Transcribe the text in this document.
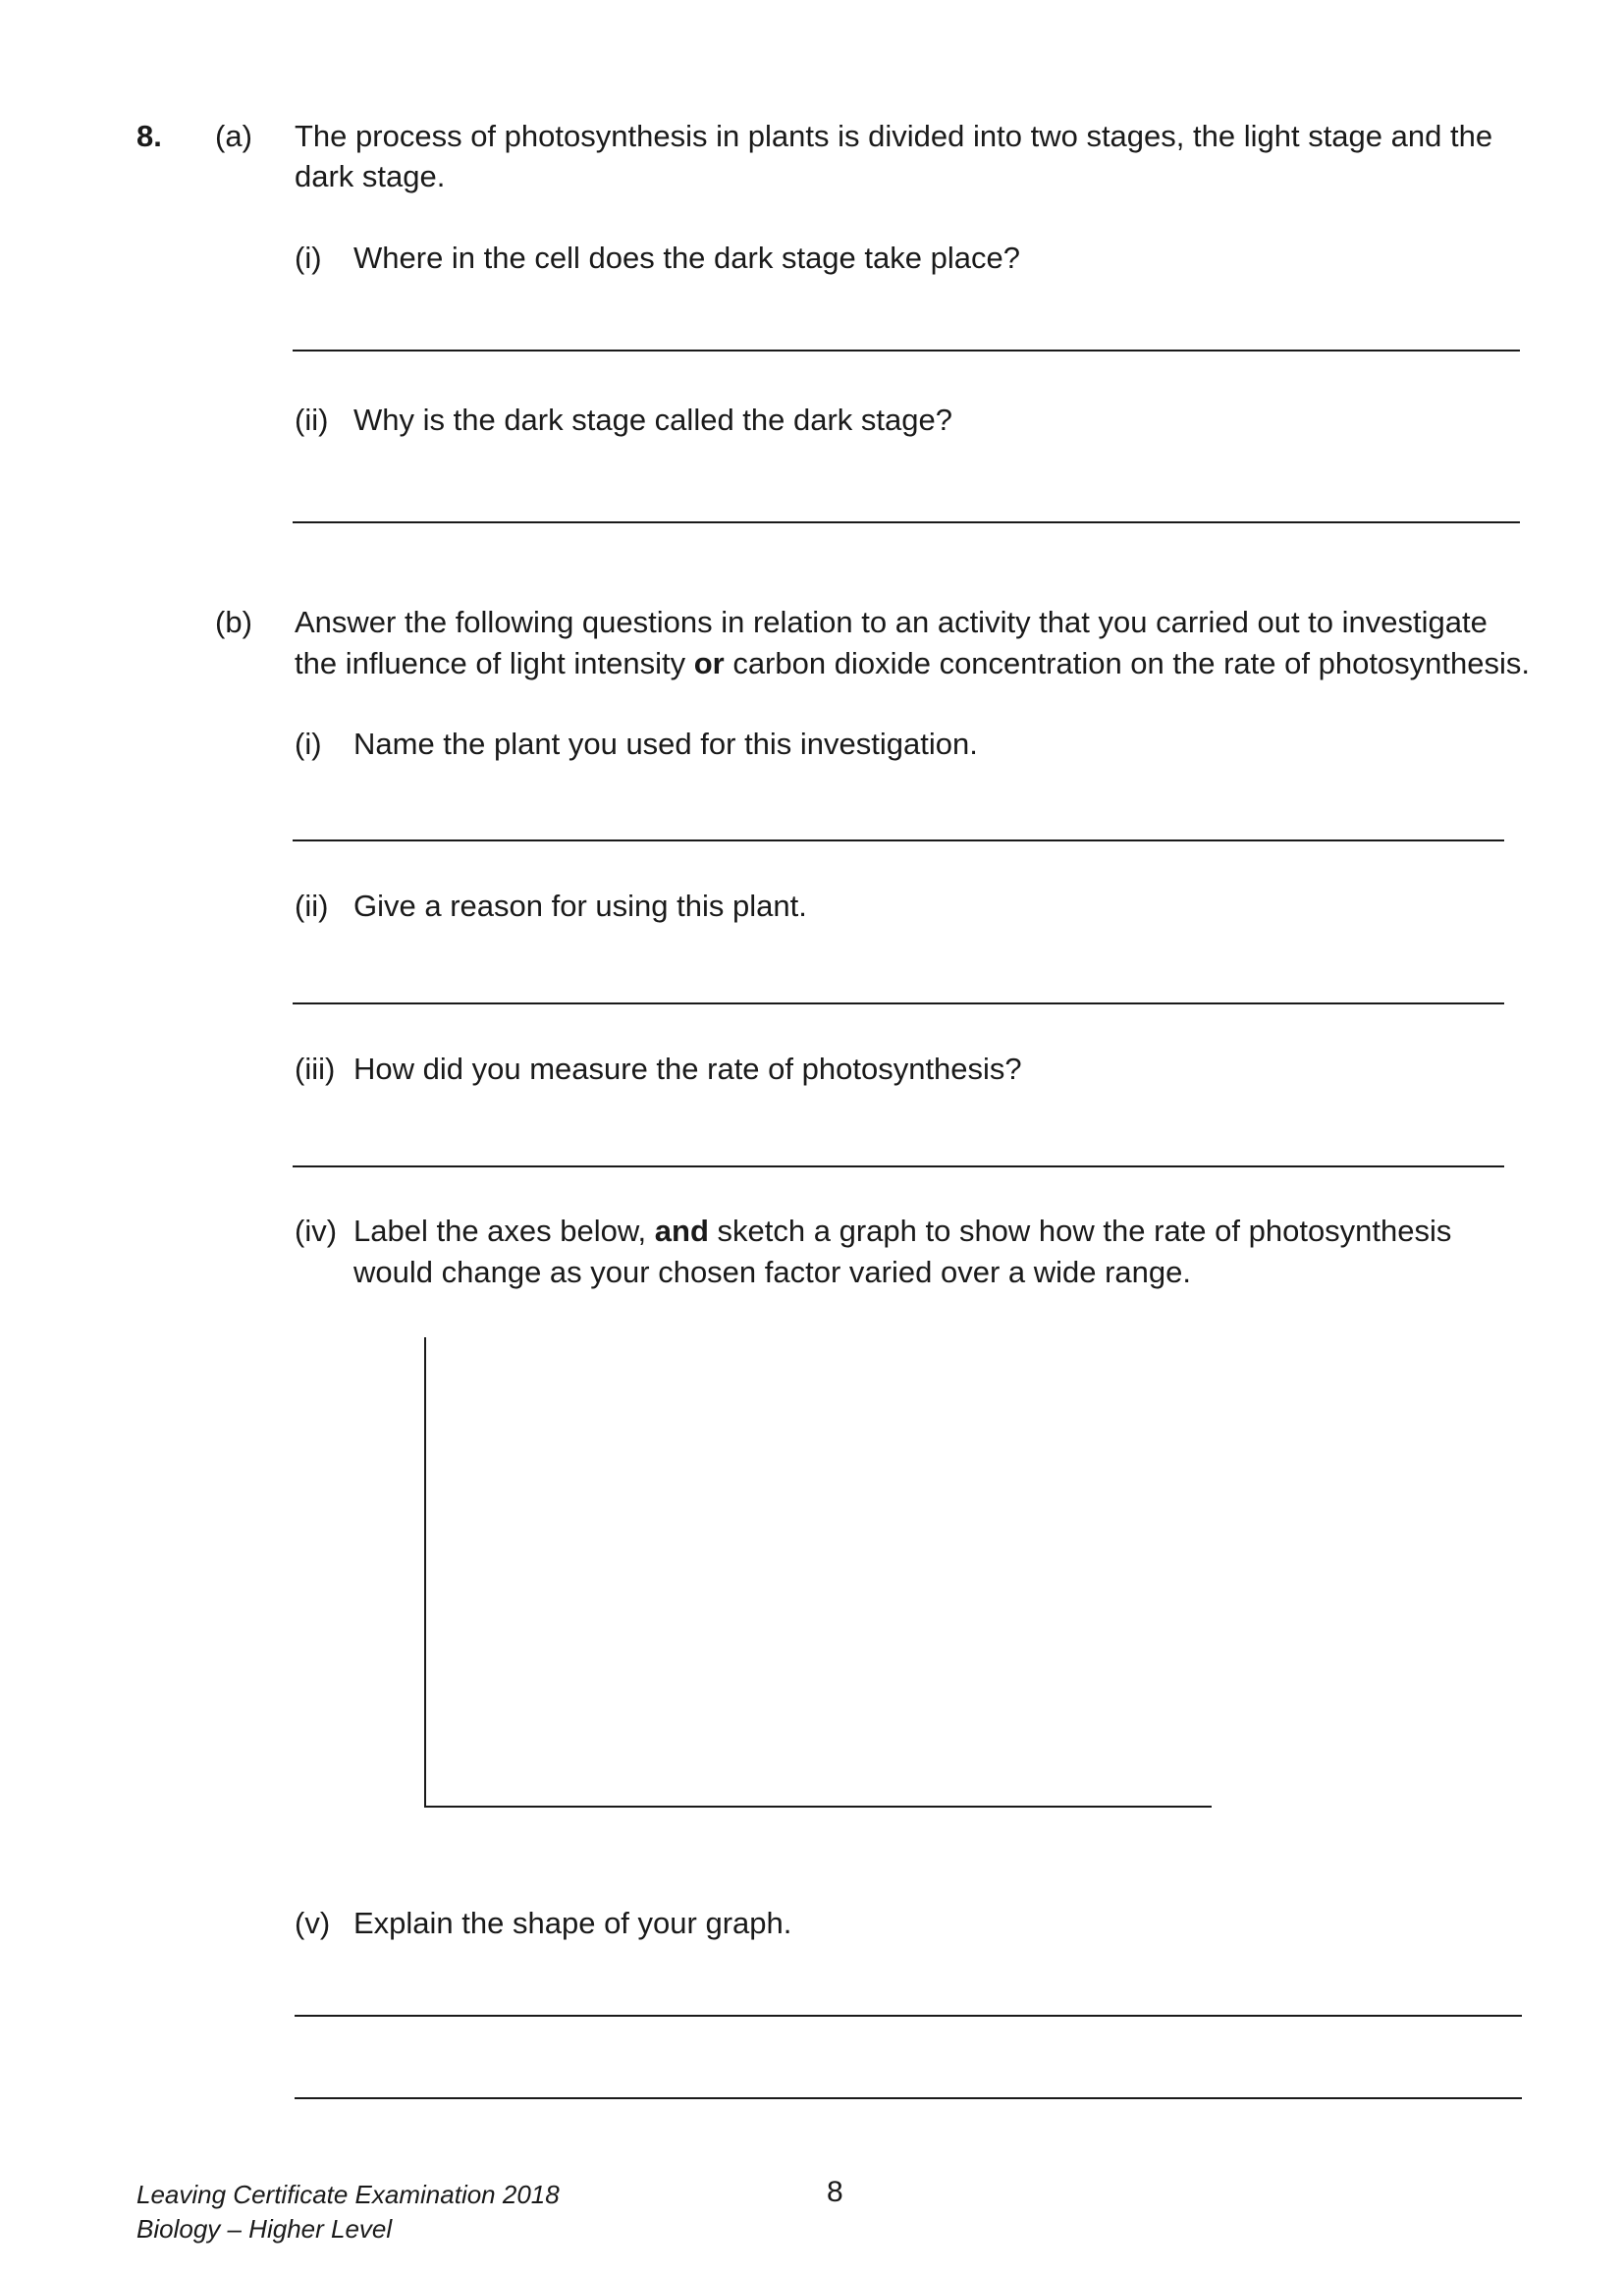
8. (a) The process of photosynthesis in plants is divided into two stages, the light stage and the
dark stage.
(i) Where in the cell does the dark stage take place?
(ii) Why is the dark stage called the dark stage?
(b) Answer the following questions in relation to an activity that you carried out to investigate
the influence of light intensity or carbon dioxide concentration on the rate of photosynthesis.
(i) Name the plant you used for this investigation.
(ii) Give a reason for using this plant.
(iii) How did you measure the rate of photosynthesis?
(iv) Label the axes below, and sketch a graph to show how the rate of photosynthesis
would change as your chosen factor varied over a wide range.
(v) Explain the shape of your graph.
Leaving Certificate Examination 2018
Biology – Higher Level
8
